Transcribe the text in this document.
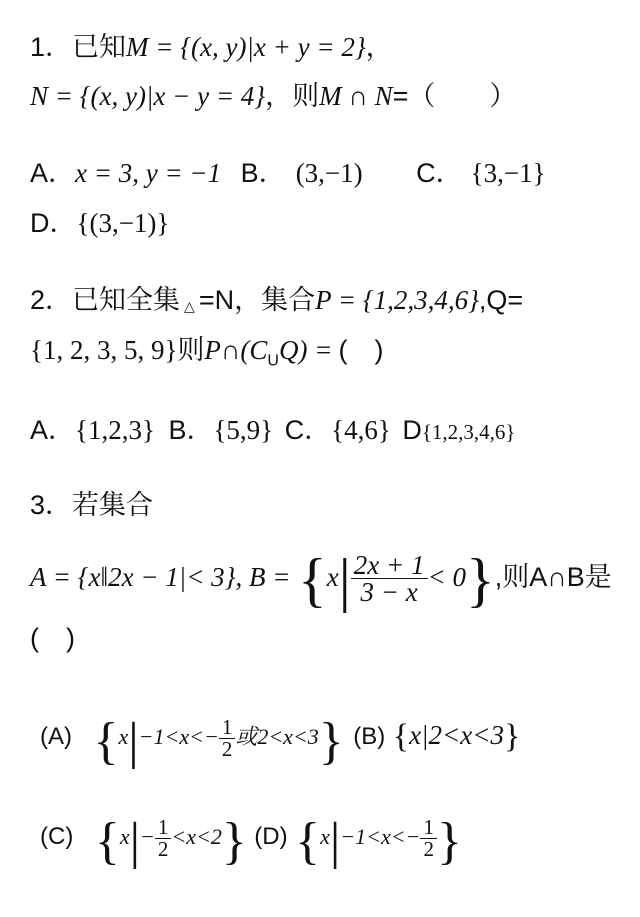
1．已知M = {(x, y)|x + y = 2}，
N = {(x, y)|x − y = 4}，则M ∩ N=（　　）
A．x = 3, y = −1 B． (3,−1) C． {3,−1}
D．{(3,−1)}
2．已知全集 △ =N，集合P = {1,2,3,4,6},Q=
{1, 2, 3, 5, 9}则$P\cap(C_UQ)$ = (　)
A．{1,2,3} B．{5,9} C．{4,6} D{1,2,3,4,6}
3．若集合
A = {x‖2x − 1|< 3}, $B = \{x| \frac{2x + 1}{3 - x} < 0\}$,则A∩B是
(　)
(A) {$x|-1<x<- \frac{1}{2}$ 或2<x<3} (B) {x|2<x<3}
(C) $\{x|- \frac{1}{2} <x<2\}$ (D) {$x|-1<x<- \frac{1}{2}$ }
